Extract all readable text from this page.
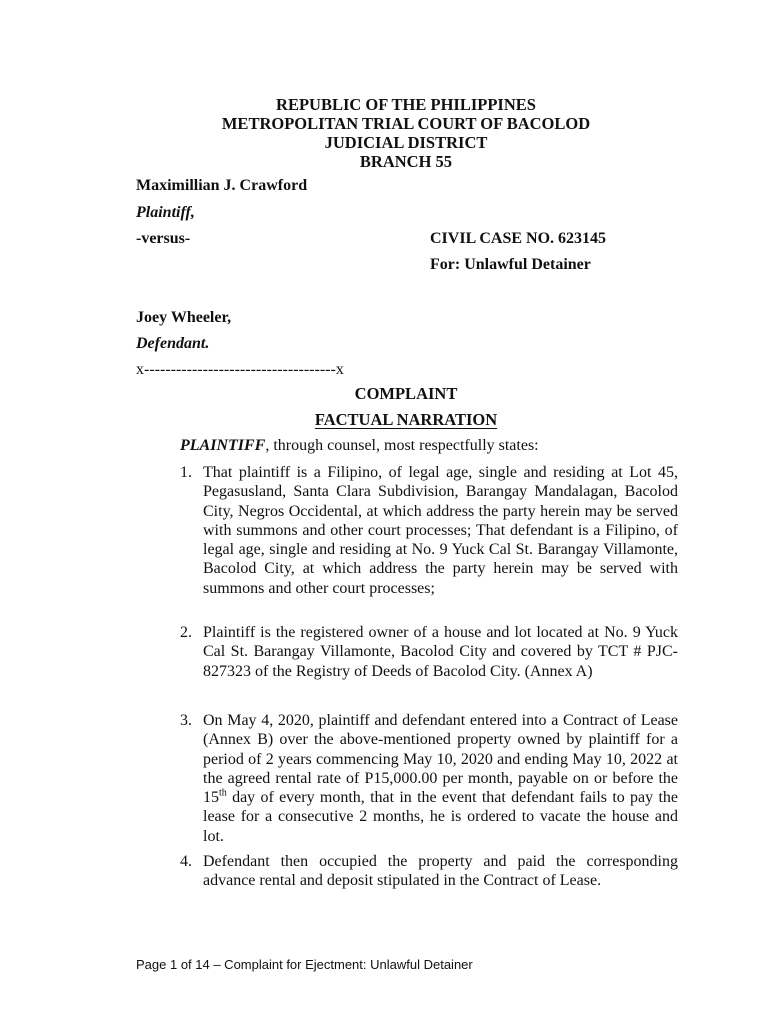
REPUBLIC OF THE PHILIPPINES
METROPOLITAN TRIAL COURT OF BACOLOD
JUDICIAL DISTRICT
BRANCH 55
Maximillian J. Crawford
Plaintiff,
-versus-	CIVIL CASE NO. 623145
For: Unlawful Detainer
Joey Wheeler,
Defendant.
x------------------------------------x
COMPLAINT
FACTUAL NARRATION
PLAINTIFF, through counsel, most respectfully states:
1. That plaintiff is a Filipino, of legal age, single and residing at Lot 45, Pegasusland, Santa Clara Subdivision, Barangay Mandalagan, Bacolod City, Negros Occidental, at which address the party herein may be served with summons and other court processes; That defendant is a Filipino, of legal age, single and residing at No. 9 Yuck Cal St. Barangay Villamonte, Bacolod City, at which address the party herein may be served with summons and other court processes;

2. Plaintiff is the registered owner of a house and lot located at No. 9 Yuck Cal St. Barangay Villamonte, Bacolod City and covered by TCT # PJC-827323 of the Registry of Deeds of Bacolod City. (Annex A)

3. On May 4, 2020, plaintiff and defendant entered into a Contract of Lease (Annex B) over the above-mentioned property owned by plaintiff for a period of 2 years commencing May 10, 2020 and ending May 10, 2022 at the agreed rental rate of P15,000.00 per month, payable on or before the 15th day of every month, that in the event that defendant fails to pay the lease for a consecutive 2 months, he is ordered to vacate the house and lot.

4. Defendant then occupied the property and paid the corresponding advance rental and deposit stipulated in the Contract of Lease.

Page 1 of 14 – Complaint for Ejectment: Unlawful Detainer
